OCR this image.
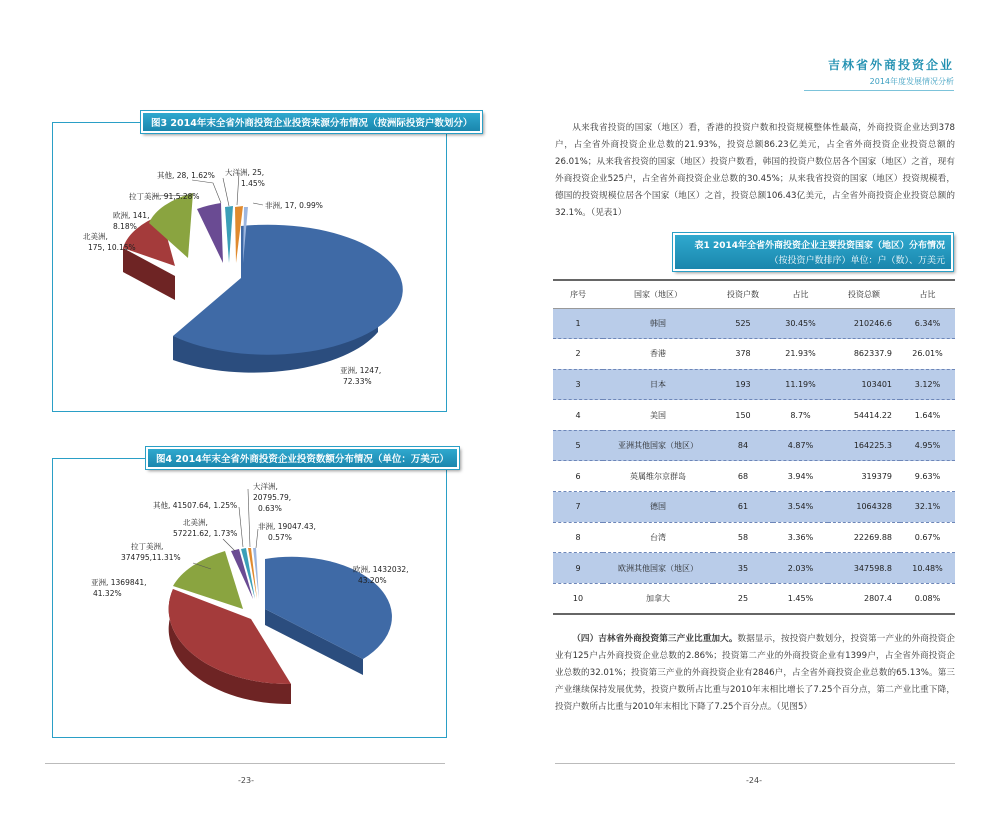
吉林省外商投资企业
2014年度发展情况分析
图3 2014年末全省外商投资企业投资来源分布情况（按洲际投资户数划分）
亚洲, 1247,
72.33%
北美洲,
175, 10.15%
欧洲, 141,
8.18%
拉丁美洲, 91,5.28%
其他, 28, 1.62% 大洋洲, 25,
1.45%
非洲, 17, 0.99%
图4 2014年末全省外商投资企业投资数额分布情况（单位：万美元）
欧洲, 1432032,
43.20%
亚洲, 1369841,
41.32%
拉丁美洲,
374795,11.31%
北美洲,
57221.62, 1.73%
其他, 41507.64, 1.25%
大洋洲,
20795.79,
0.63%
非洲, 19047.43,
0.57%
从来我省投资的国家（地区）看，香港的投资户数和投资规模整体性最高，外商投资企业达到378户，占全省外商投资企业总数的21.93%，投资总额86.23亿美元，占全省外商投资企业投资总额的26.01%；从来我省投资的国家（地区）投资户数看，韩国的投资户数位居各个国家（地区）之首，现有外商投资企业525户，占全省外商投资企业总数的30.45%；从来我省投资的国家（地区）投资规模看，德国的投资规模位居各个国家（地区）之首，投资总额106.43亿美元，占全省外商投资企业投资总额的32.1%。（见表1）
表1 2014年全省外商投资企业主要投资国家（地区）分布情况
（按投资户数排序）单位：户（数）、万美元
序号	国家（地区）	投资户数	占比	投资总额	占比
1	韩国	525	30.45%	210246.6	6.34%
2	香港	378	21.93%	862337.9	26.01%
3	日本	193	11.19%	103401	3.12%
4	美国	150	8.7%	54414.22	1.64%
5	亚洲其他国家（地区）	84	4.87%	164225.3	4.95%
6	英属维尔京群岛	68	3.94%	319379	9.63%
7	德国	61	3.54%	1064328	32.1%
8	台湾	58	3.36%	22269.88	0.67%
9	欧洲其他国家（地区）	35	2.03%	347598.8	10.48%
10	加拿大	25	1.45%	2807.4	0.08%
（四）吉林省外商投资第三产业比重加大。数据显示，按投资户数划分，投资第一产业的外商投资企业有125户占外商投资企业总数的2.86%；投资第二产业的外商投资企业有1399户，占全省外商投资企业总数的32.01%；投资第三产业的外商投资企业有2846户，占全省外商投资企业总数的65.13%。第三产业继续保持发展优势，投资户数所占比重与2010年末相比增长了7.25个百分点，第二产业比重下降，投资户数所占比重与2010年末相比下降了7.25个百分点。（见图5）
-23-	-24-
